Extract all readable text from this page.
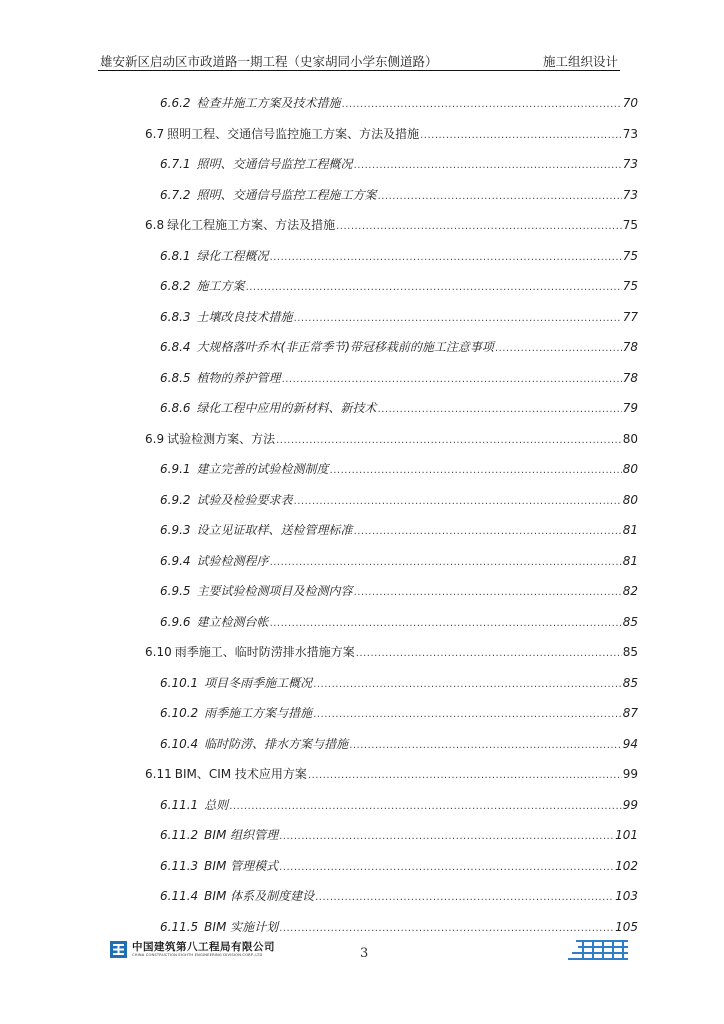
雄安新区启动区市政道路一期工程（史家胡同小学东侧道路）	施工组织设计
6.6.2 检查井施工方案及技术措施 .....	70
6.7 照明工程、交通信号监控施工方案、方法及措施 .....	73
6.7.1 照明、交通信号监控工程概况 .....	73
6.7.2 照明、交通信号监控工程施工方案 .....	73
6.8 绿化工程施工方案、方法及措施 .....	75
6.8.1 绿化工程概况 .....	75
6.8.2 施工方案 .....	75
6.8.3 土壤改良技术措施 .....	77
6.8.4 大规格落叶乔木(非正常季节)带冠移栽前的施工注意事项 .....	78
6.8.5 植物的养护管理 .....	78
6.8.6 绿化工程中应用的新材料、新技术 .....	79
6.9 试验检测方案、方法 .....	80
6.9.1 建立完善的试验检测制度 .....	80
6.9.2 试验及检验要求表 .....	80
6.9.3 设立见证取样、送检管理标准 .....	81
6.9.4 试验检测程序 .....	81
6.9.5 主要试验检测项目及检测内容 .....	82
6.9.6 建立检测台帐 .....	85
6.10 雨季施工、临时防涝排水措施方案 .....	85
6.10.1 项目冬雨季施工概况 .....	85
6.10.2 雨季施工方案与措施 .....	87
6.10.4 临时防涝、排水方案与措施 .....	94
6.11 BIM、CIM 技术应用方案 .....	99
6.11.1 总则 .....	99
6.11.2 BIM 组织管理 .....	101
6.11.3 BIM 管理模式 .....	102
6.11.4 BIM 体系及制度建设 .....	103
6.11.5 BIM 实施计划 .....	105
中国建筑第八工程局有限公司
CHINA CONSTRUCTION EIGHTH ENGINEERING DIVISION.CORP.,LTD	3
